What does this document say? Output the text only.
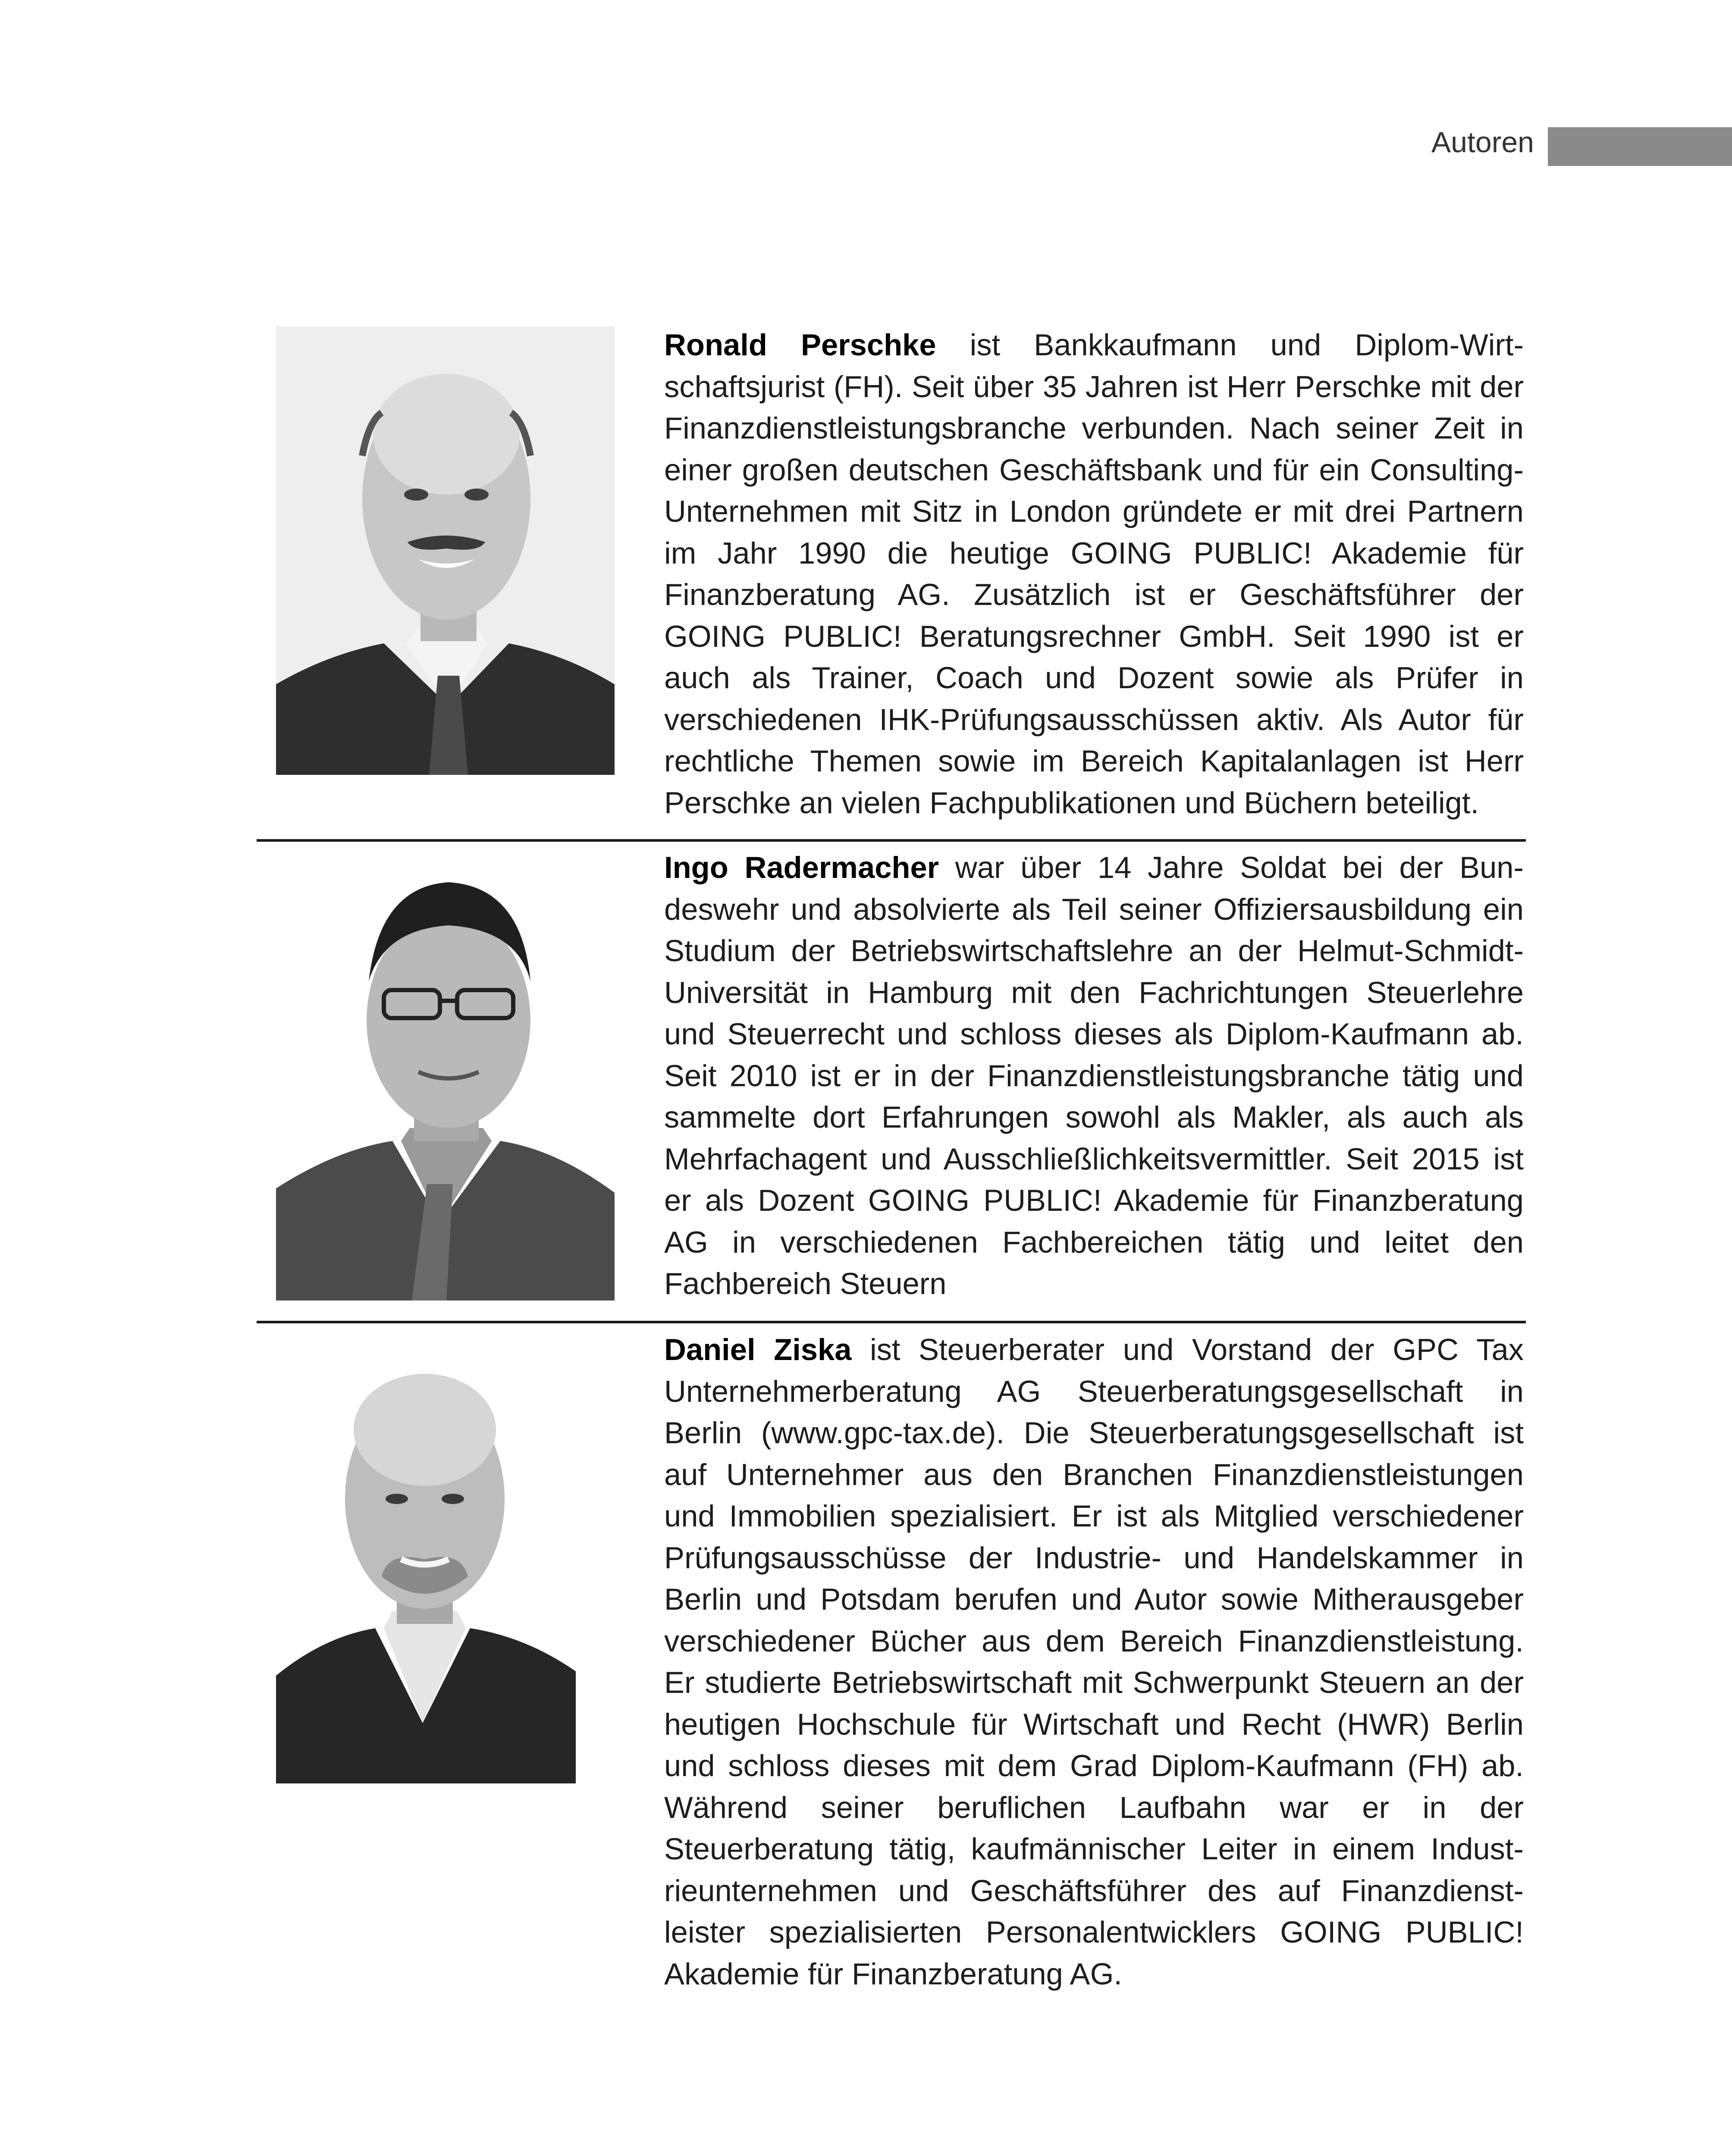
Autoren
Ronald Perschke ist Bankkaufmann und Diplom-Wirtschaftsjurist (FH). Seit über 35 Jahren ist Herr Perschke mit der Finanzdienstleistungsbranche verbunden. Nach seiner Zeit in einer großen deutschen Geschäftsbank und für ein Consulting-Unternehmen mit Sitz in London gründete er mit drei Partnern im Jahr 1990 die heutige GOING PUBLIC! Akademie für Finanzberatung AG. Zusätzlich ist er Geschäftsführer der GOING PUBLIC! Beratungsrechner GmbH. Seit 1990 ist er auch als Trainer, Coach und Dozent sowie als Prüfer in verschiedenen IHK-Prüfungsausschüssen aktiv. Als Autor für rechtliche Themen sowie im Bereich Kapitalanlagen ist Herr Perschke an vielen Fachpublikationen und Büchern beteiligt.
Ingo Radermacher war über 14 Jahre Soldat bei der Bundeswehr und absolvierte als Teil seiner Offiziersausbildung ein Studium der Betriebswirtschaftslehre an der Helmut-Schmidt-Universität in Hamburg mit den Fachrichtungen Steuerlehre und Steuerrecht und schloss dieses als Diplom-Kaufmann ab. Seit 2010 ist er in der Finanzdienstleistungsbranche tätig und sammelte dort Erfahrungen sowohl als Makler, als auch als Mehrfachagent und Ausschließlichkeitsvermittler. Seit 2015 ist er als Dozent GOING PUBLIC! Akademie für Finanzberatung AG in verschiedenen Fachbereichen tätig und leitet den Fachbereich Steuern
Daniel Ziska ist Steuerberater und Vorstand der GPC Tax Unternehmerberatung AG Steuerberatungsgesellschaft in Berlin (www.gpc-tax.de). Die Steuerberatungsgesellschaft ist auf Unternehmer aus den Branchen Finanzdienstleistungen und Immobilien spezialisiert. Er ist als Mitglied verschiedener Prüfungsausschüsse der Industrie- und Handelskammer in Berlin und Potsdam berufen und Autor sowie Mitherausgeber verschiedener Bücher aus dem Bereich Finanzdienstleistung. Er studierte Betriebswirtschaft mit Schwerpunkt Steuern an der heutigen Hochschule für Wirtschaft und Recht (HWR) Berlin und schloss dieses mit dem Grad Diplom-Kaufmann (FH) ab. Während seiner beruflichen Laufbahn war er in der Steuerberatung tätig, kaufmännischer Leiter in einem Industrieunternehmen und Geschäftsführer des auf Finanzdienstleister spezialisierten Personalentwicklers GOING PUBLIC! Akademie für Finanzberatung AG.
